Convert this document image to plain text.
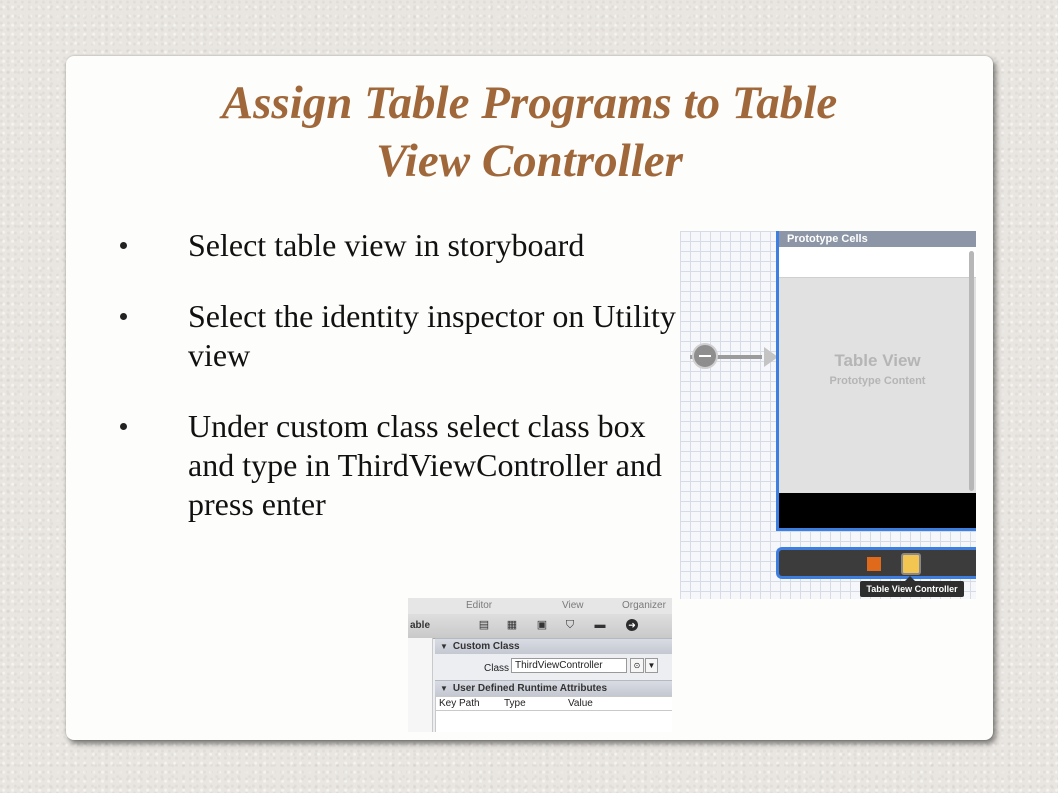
Assign Table Programs to Table
View Controller
Select table view in storyboard
Select the identity inspector on Utility view
Under custom class select class box and type in ThirdViewController and press enter
Prototype Cells
Table View
Prototype Content
Table View Controller
Editor	View	Organizer
able	▤ ▦ ▣ ⛉ ▬	➜
▼ Custom Class
Class ThirdViewController	⊙ ▼
▼ User Defined Runtime Attributes
Key Path Type	Value
